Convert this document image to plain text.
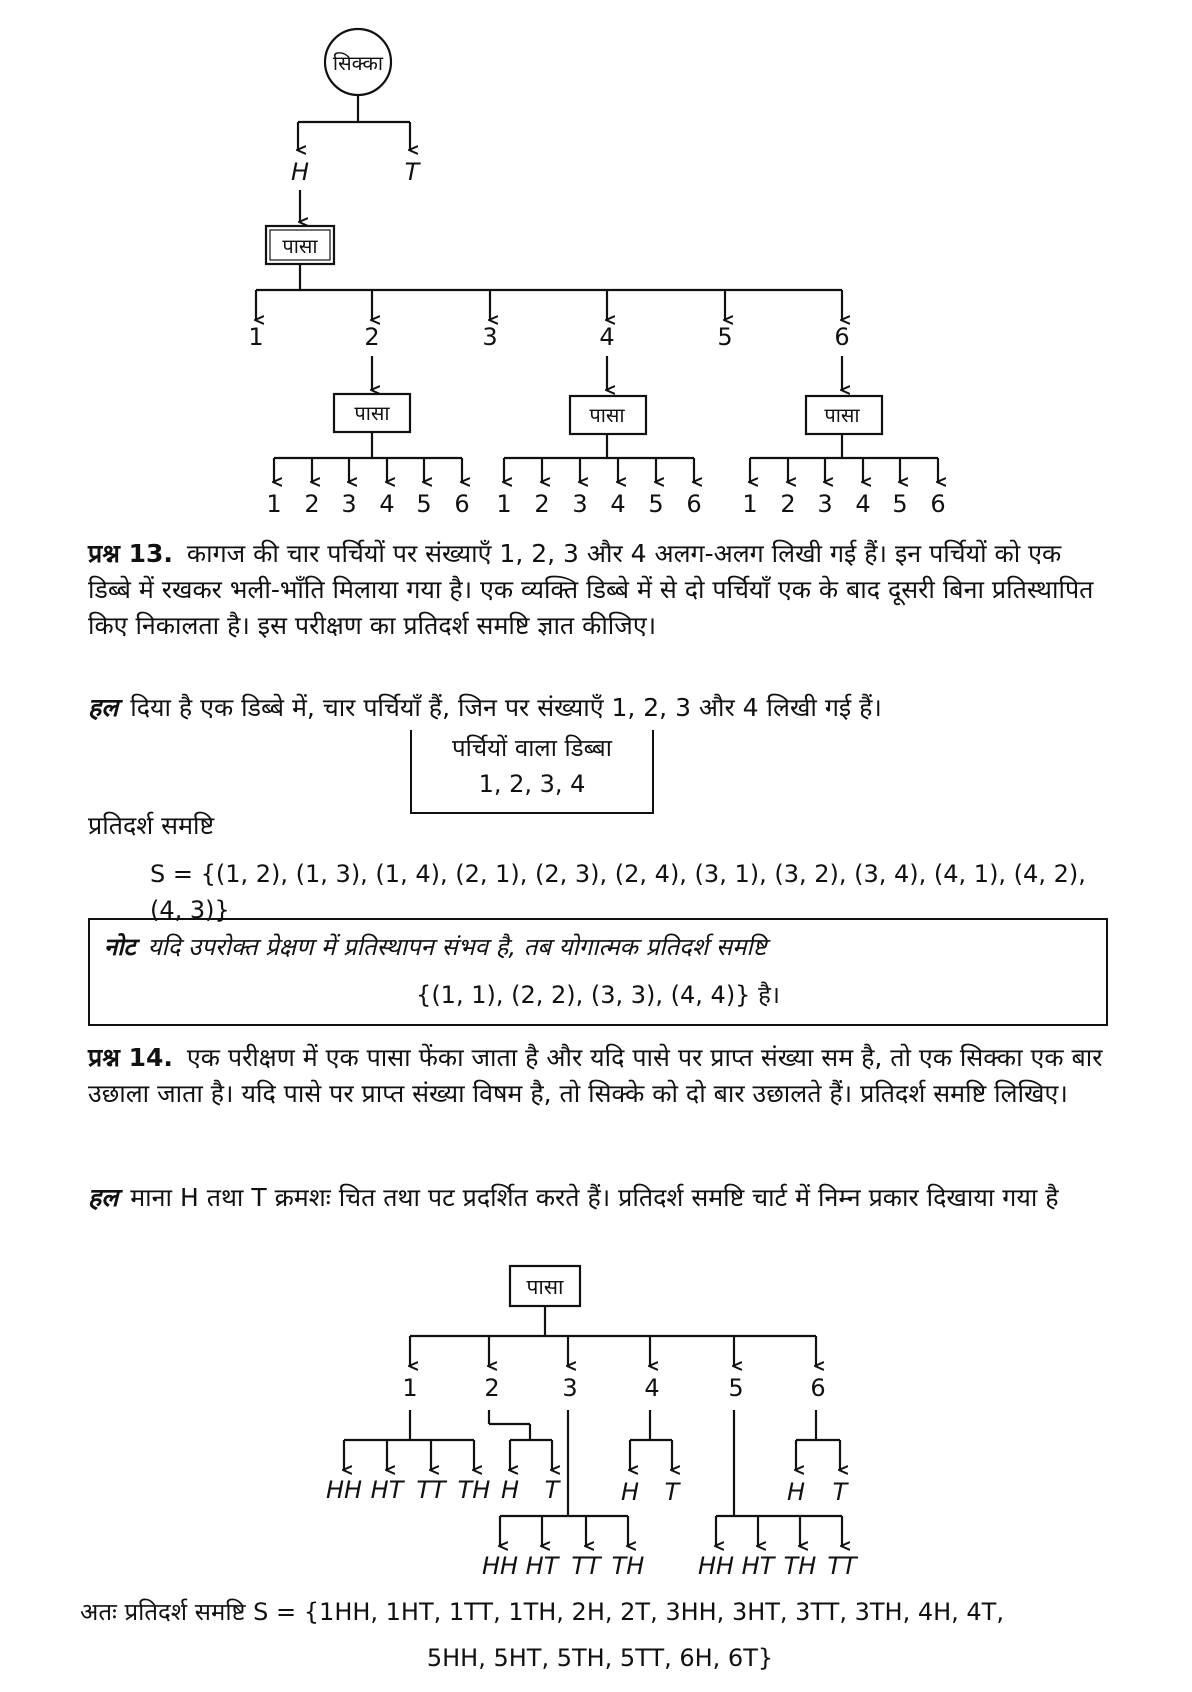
सिक्का
H	T
पासा
1	2	3	4	5	6
पासा	पासा	पासा
1 2 3 4 5 6 1 2 3 4 5 6 1 2 3 4 5 6
प्रश्न 13. कागज की चार पर्चियों पर संख्याएँ 1, 2, 3 और 4 अलग-अलग लिखी गई हैं। इन पर्चियों को एक डिब्बे में रखकर भली-भाँति मिलाया गया है। एक व्यक्ति डिब्बे में से दो पर्चियाँ एक के बाद दूसरी बिना प्रतिस्थापित किए निकालता है। इस परीक्षण का प्रतिदर्श समष्टि ज्ञात कीजिए।
हल दिया है एक डिब्बे में, चार पर्चियाँ हैं, जिन पर संख्याएँ 1, 2, 3 और 4 लिखी गई हैं।
पर्चियों वाला डिब्बा
1, 2, 3, 4
प्रतिदर्श समष्टि
S = {(1, 2), (1, 3), (1, 4), (2, 1), (2, 3), (2, 4), (3, 1), (3, 2), (3, 4), (4, 1), (4, 2), (4, 3)}
नोट यदि उपरोक्त प्रेक्षण में प्रतिस्थापन संभव है, तब योगात्मक प्रतिदर्श समष्टि
{(1, 1), (2, 2), (3, 3), (4, 4)} है।
प्रश्न 14. एक परीक्षण में एक पासा फेंका जाता है और यदि पासे पर प्राप्त संख्या सम है, तो एक सिक्का एक बार उछाला जाता है। यदि पासे पर प्राप्त संख्या विषम है, तो सिक्के को दो बार उछालते हैं। प्रतिदर्श समष्टि लिखिए।
हल माना H तथा T क्रमशः चित तथा पट प्रदर्शित करते हैं। प्रतिदर्श समष्टि चार्ट में निम्न प्रकार दिखाया गया है
पासा
1	2	3	4	5	6
HH HT TT TH H T	H T	H T
HH HT TT TH HH HT TH TT
अतः प्रतिदर्श समष्टि S = {1HH, 1HT, 1TT, 1TH, 2H, 2T, 3HH, 3HT, 3TT, 3TH, 4H, 4T,
5HH, 5HT, 5TH, 5TT, 6H, 6T}
